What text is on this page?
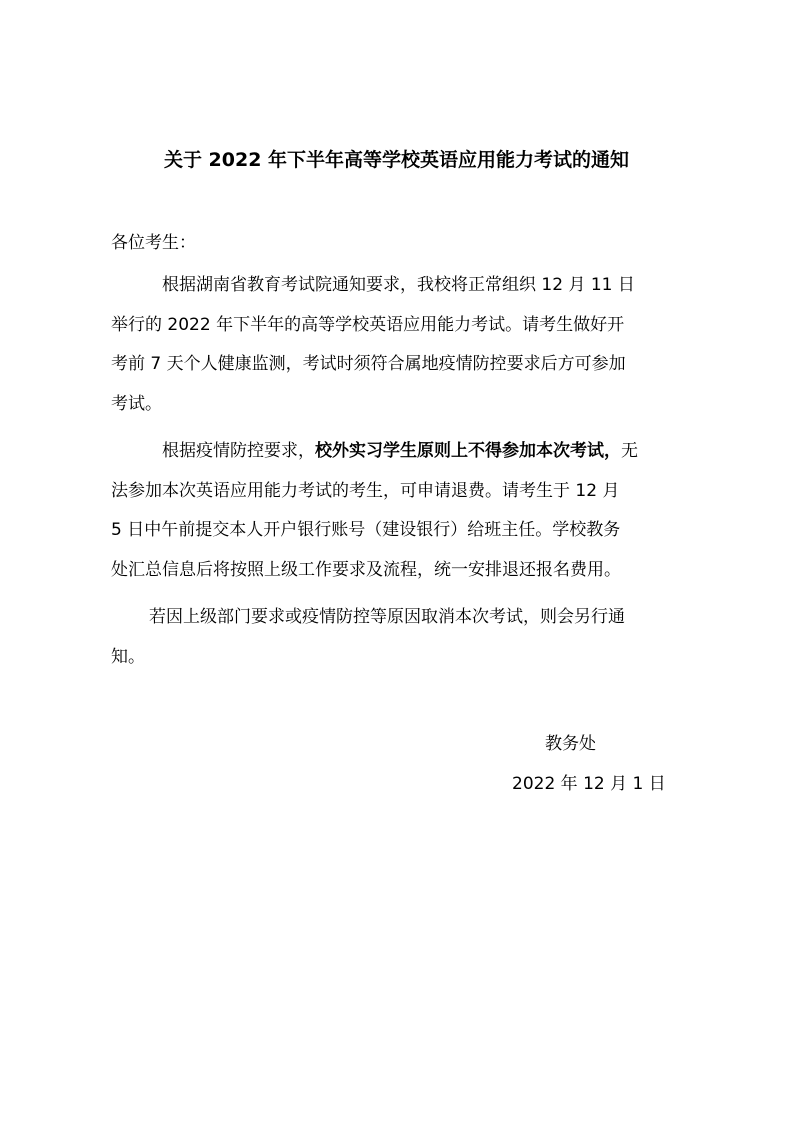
关于 2022 年下半年高等学校英语应用能力考试的通知
各位考生：
根据湖南省教育考试院通知要求，我校将正常组织 12 月 11 日
举行的 2022 年下半年的高等学校英语应用能力考试。请考生做好开
考前 7 天个人健康监测，考试时须符合属地疫情防控要求后方可参加
考试。
根据疫情防控要求，校外实习学生原则上不得参加本次考试，无
法参加本次英语应用能力考试的考生，可申请退费。请考生于 12 月
5 日中午前提交本人开户银行账号（建设银行）给班主任。学校教务
处汇总信息后将按照上级工作要求及流程，统一安排退还报名费用。
若因上级部门要求或疫情防控等原因取消本次考试，则会另行通
知。
教务处
2022 年 12 月 1 日
